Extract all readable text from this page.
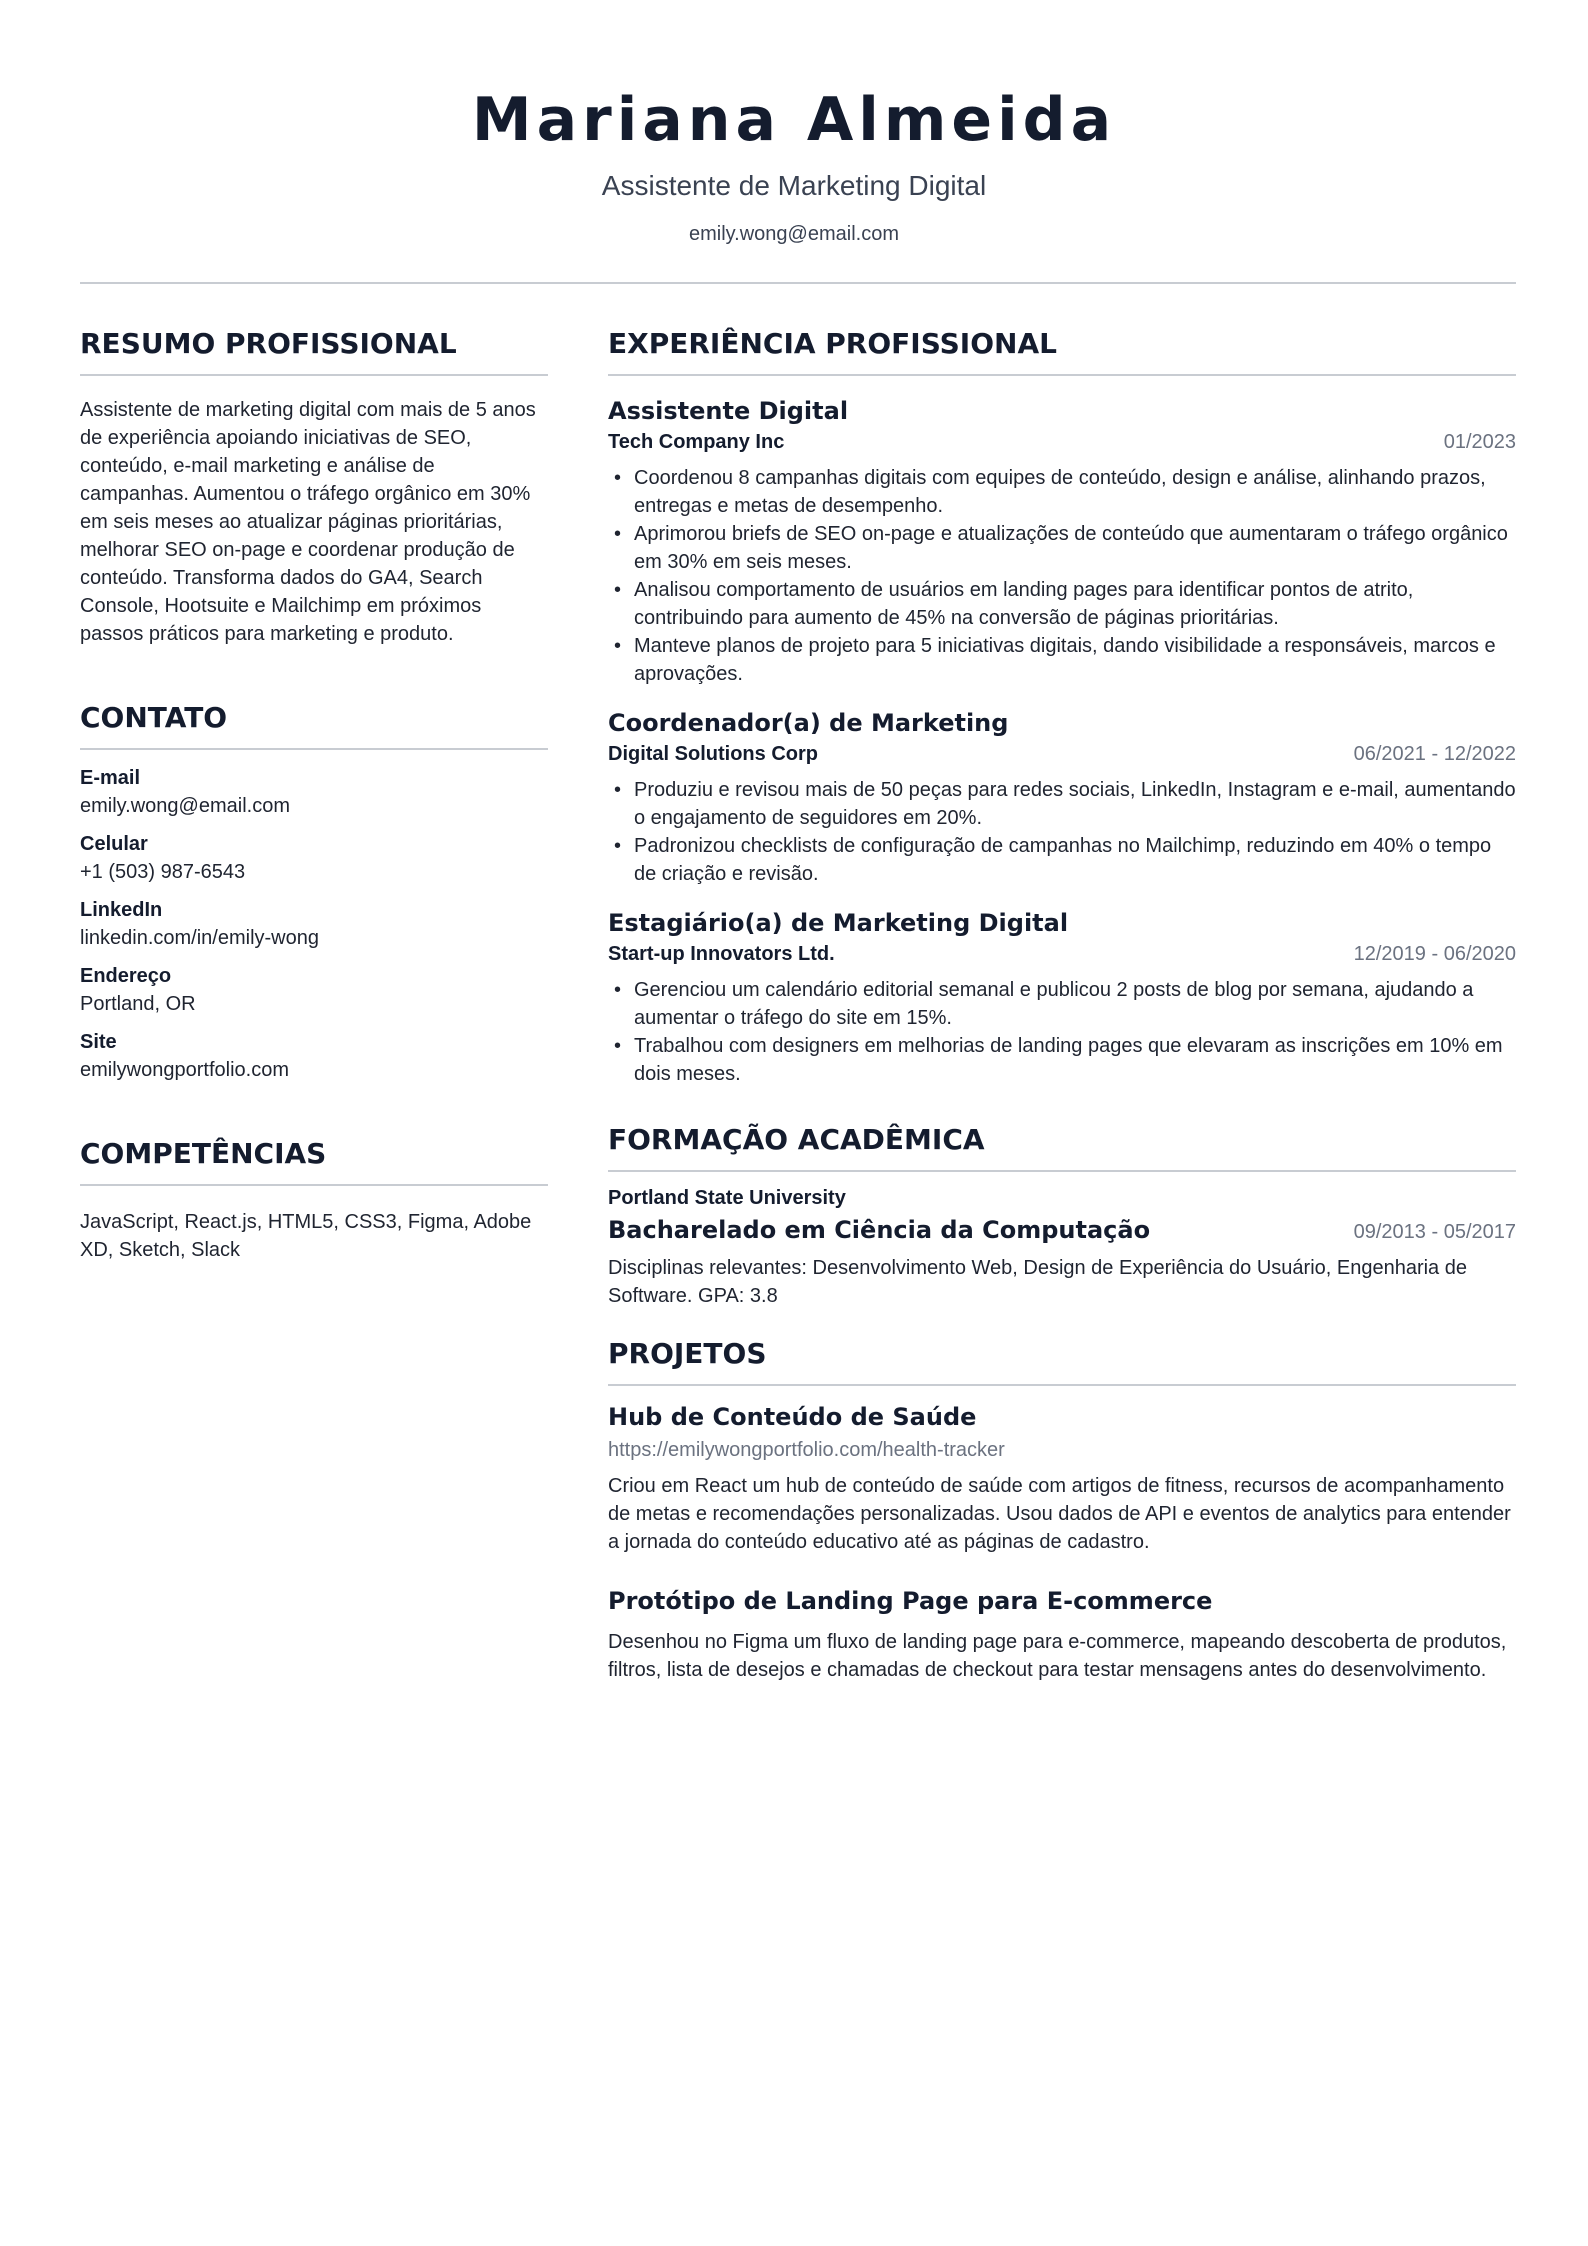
Mariana Almeida
Assistente de Marketing Digital
emily.wong@email.com
RESUMO PROFISSIONAL
Assistente de marketing digital com mais de 5 anos de experiência apoiando iniciativas de SEO, conteúdo, e-mail marketing e análise de campanhas. Aumentou o tráfego orgânico em 30% em seis meses ao atualizar páginas prioritárias, melhorar SEO on-page e coordenar produção de conteúdo. Transforma dados do GA4, Search Console, Hootsuite e Mailchimp em próximos passos práticos para marketing e produto.
CONTATO
E-mail
emily.wong@email.com
Celular
+1 (503) 987-6543
LinkedIn
linkedin.com/in/emily-wong
Endereço
Portland, OR
Site
emilywongportfolio.com
COMPETÊNCIAS
JavaScript, React.js, HTML5, CSS3, Figma, Adobe XD, Sketch, Slack
EXPERIÊNCIA PROFISSIONAL
Assistente Digital
Tech Company Inc	01/2023
• Coordenou 8 campanhas digitais com equipes de conteúdo, design e análise, alinhando prazos, entregas e metas de desempenho.
• Aprimorou briefs de SEO on-page e atualizações de conteúdo que aumentaram o tráfego orgânico em 30% em seis meses.
• Analisou comportamento de usuários em landing pages para identificar pontos de atrito, contribuindo para aumento de 45% na conversão de páginas prioritárias.
• Manteve planos de projeto para 5 iniciativas digitais, dando visibilidade a responsáveis, marcos e aprovações.
Coordenador(a) de Marketing
Digital Solutions Corp	06/2021 - 12/2022
• Produziu e revisou mais de 50 peças para redes sociais, LinkedIn, Instagram e e-mail, aumentando o engajamento de seguidores em 20%.
• Padronizou checklists de configuração de campanhas no Mailchimp, reduzindo em 40% o tempo de criação e revisão.
Estagiário(a) de Marketing Digital
Start-up Innovators Ltd.	12/2019 - 06/2020
• Gerenciou um calendário editorial semanal e publicou 2 posts de blog por semana, ajudando a aumentar o tráfego do site em 15%.
• Trabalhou com designers em melhorias de landing pages que elevaram as inscrições em 10% em dois meses.
FORMAÇÃO ACADÊMICA
Portland State University
Bacharelado em Ciência da Computação	09/2013 - 05/2017
Disciplinas relevantes: Desenvolvimento Web, Design de Experiência do Usuário, Engenharia de Software. GPA: 3.8
PROJETOS
Hub de Conteúdo de Saúde
https://emilywongportfolio.com/health-tracker
Criou em React um hub de conteúdo de saúde com artigos de fitness, recursos de acompanhamento de metas e recomendações personalizadas. Usou dados de API e eventos de analytics para entender a jornada do conteúdo educativo até as páginas de cadastro.
Protótipo de Landing Page para E-commerce
Desenhou no Figma um fluxo de landing page para e-commerce, mapeando descoberta de produtos, filtros, lista de desejos e chamadas de checkout para testar mensagens antes do desenvolvimento.
